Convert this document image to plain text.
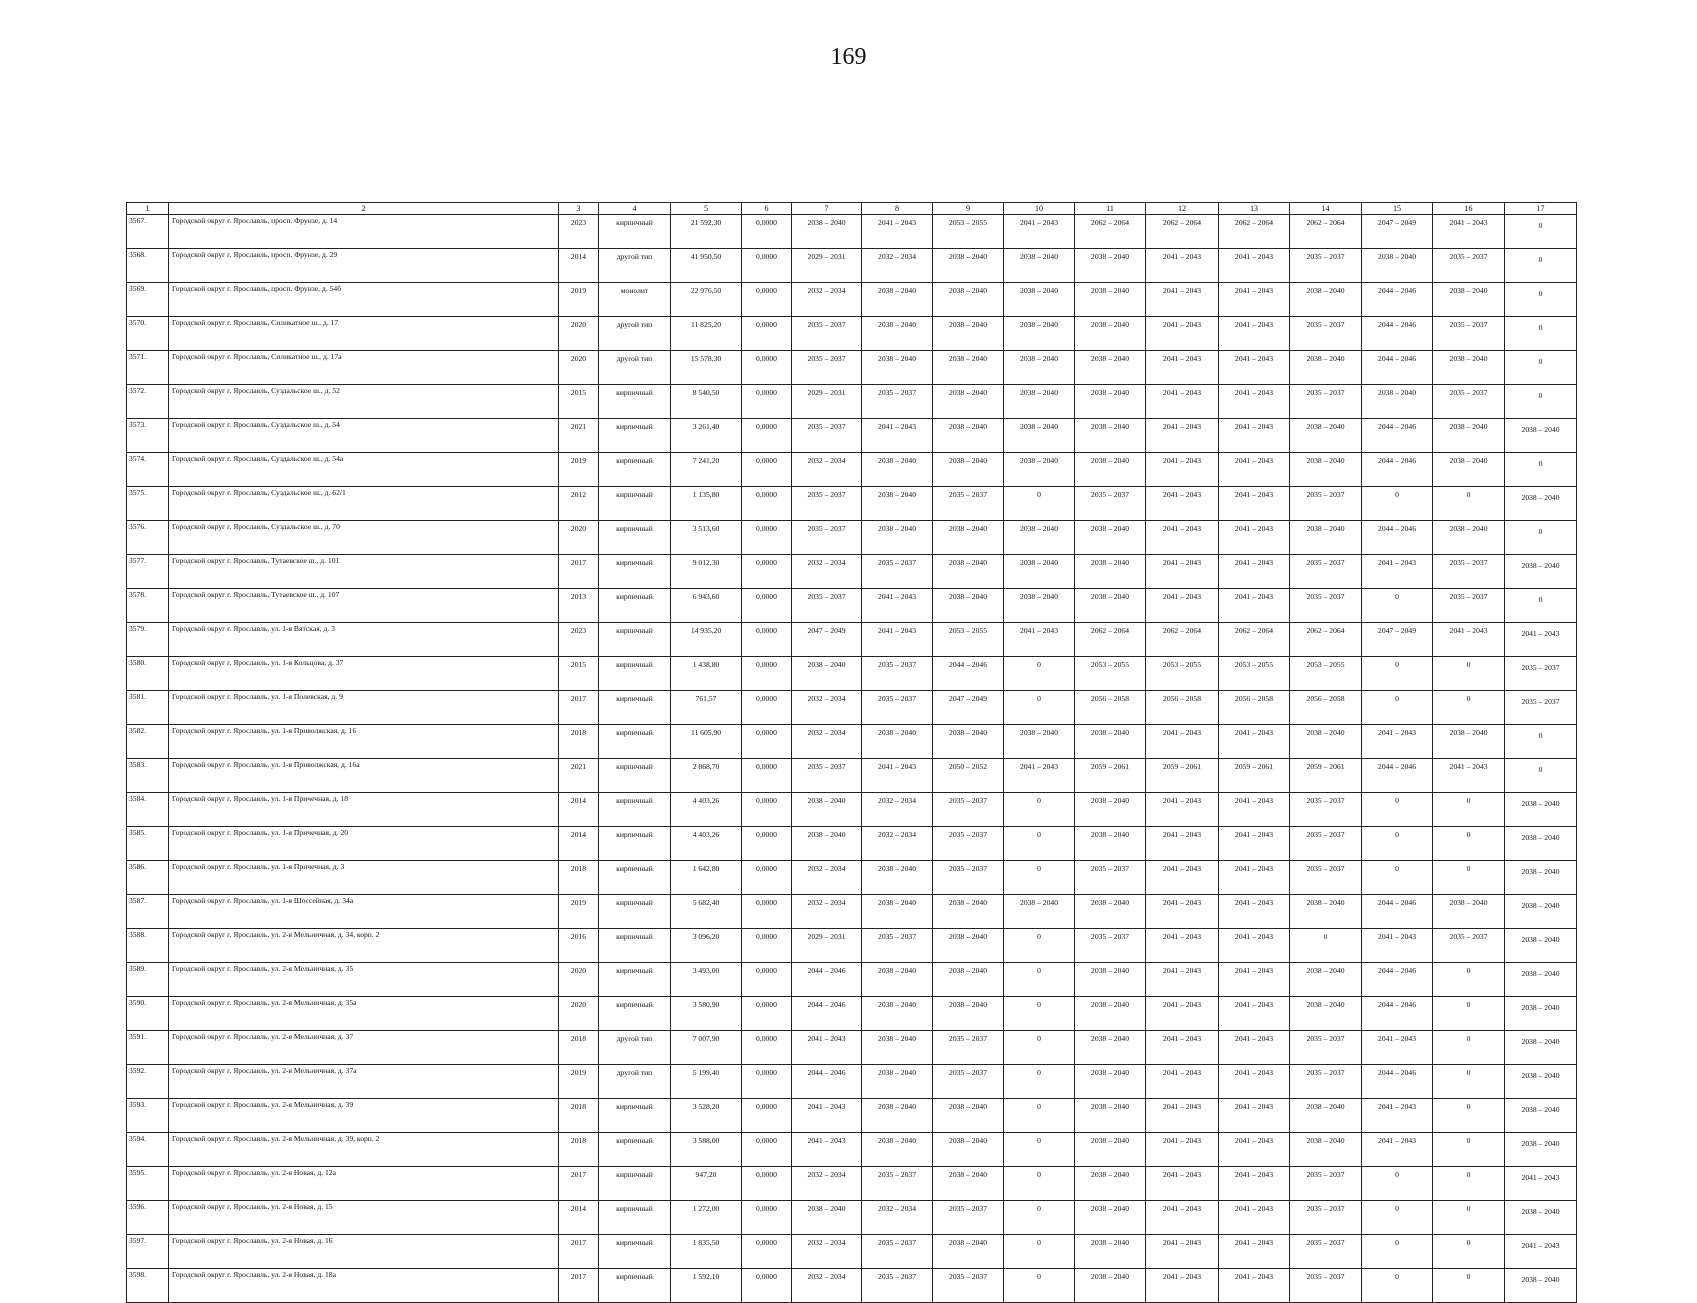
169
1	2	3	4	5	6	7	8	9	10	11	12	13	14	15	16	17
3567.	Городской округ г. Ярославль, просп. Фрунзе, д. 14	2023	кирпичный	21 592,30	0,0000	2038 – 2040	2041 – 2043	2053 – 2055	2041 – 2043	2062 – 2064	2062 – 2064	2062 – 2064	2062 – 2064	2047 – 2049	2041 – 2043	0
3568.	Городской округ г. Ярославль, просп. Фрунзе, д. 29	2014	другой тип	41 950,50	0,0000	2029 – 2031	2032 – 2034	2038 – 2040	2038 – 2040	2038 – 2040	2041 – 2043	2041 – 2043	2035 – 2037	2038 – 2040	2035 – 2037	0
3569.	Городской округ г. Ярославль, просп. Фрунзе, д. 54б	2019	монолит	22 976,50	0,0000	2032 – 2034	2038 – 2040	2038 – 2040	2038 – 2040	2038 – 2040	2041 – 2043	2041 – 2043	2038 – 2040	2044 – 2046	2038 – 2040	0
3570.	Городской округ г. Ярославль, Силикатное ш., д. 17	2020	другой тип	11 825,20	0,0000	2035 – 2037	2038 – 2040	2038 – 2040	2038 – 2040	2038 – 2040	2041 – 2043	2041 – 2043	2035 – 2037	2044 – 2046	2035 – 2037	0
3571.	Городской округ г. Ярославль, Силикатное ш., д. 17а	2020	другой тип	15 578,30	0,0000	2035 – 2037	2038 – 2040	2038 – 2040	2038 – 2040	2038 – 2040	2041 – 2043	2041 – 2043	2038 – 2040	2044 – 2046	2038 – 2040	0
3572.	Городской округ г. Ярославль, Суздальское ш., д. 52	2015	кирпичный	8 540,50	0,0000	2029 – 2031	2035 – 2037	2038 – 2040	2038 – 2040	2038 – 2040	2041 – 2043	2041 – 2043	2035 – 2037	2038 – 2040	2035 – 2037	0
3573.	Городской округ г. Ярославль, Суздальское ш., д. 54	2021	кирпичный	3 261,40	0,0000	2035 – 2037	2041 – 2043	2038 – 2040	2038 – 2040	2038 – 2040	2041 – 2043	2041 – 2043	2038 – 2040	2044 – 2046	2038 – 2040	2038 – 2040
3574.	Городской округ г. Ярославль, Суздальское ш., д. 54а	2019	кирпичный	7 241,20	0,0000	2032 – 2034	2038 – 2040	2038 – 2040	2038 – 2040	2038 – 2040	2041 – 2043	2041 – 2043	2038 – 2040	2044 – 2046	2038 – 2040	0
3575.	Городской округ г. Ярославль, Суздальское ш., д. 62/1	2012	кирпичный	1 135,80	0,0000	2035 – 2037	2038 – 2040	2035 – 2037	0	2035 – 2037	2041 – 2043	2041 – 2043	2035 – 2037	0	0	2038 – 2040
3576.	Городской округ г. Ярославль, Суздальское ш., д. 70	2020	кирпичный	3 513,60	0,0000	2035 – 2037	2038 – 2040	2038 – 2040	2038 – 2040	2038 – 2040	2041 – 2043	2041 – 2043	2038 – 2040	2044 – 2046	2038 – 2040	0
3577.	Городской округ г. Ярославль, Тутаевское ш., д. 101	2017	кирпичный	9 012,30	0,0000	2032 – 2034	2035 – 2037	2038 – 2040	2038 – 2040	2038 – 2040	2041 – 2043	2041 – 2043	2035 – 2037	2041 – 2043	2035 – 2037	2038 – 2040
3578.	Городской округ г. Ярославль, Тутаевское ш., д. 107	2013	кирпичный	6 943,60	0,0000	2035 – 2037	2041 – 2043	2038 – 2040	2038 – 2040	2038 – 2040	2041 – 2043	2041 – 2043	2035 – 2037	0	2035 – 2037	0
3579.	Городской округ г. Ярославль, ул. 1-я Вятская, д. 3	2023	кирпичный	14 935,20	0,0000	2047 – 2049	2041 – 2043	2053 – 2055	2041 – 2043	2062 – 2064	2062 – 2064	2062 – 2064	2062 – 2064	2047 – 2049	2041 – 2043	2041 – 2043
3580.	Городской округ г. Ярославль, ул. 1-я Кольцова, д. 37	2015	кирпичный	1 438,80	0,0000	2038 – 2040	2035 – 2037	2044 – 2046	0	2053 – 2055	2053 – 2055	2053 – 2055	2053 – 2055	0	0	2035 – 2037
3581.	Городской округ г. Ярославль, ул. 1-я Полевская, д. 9	2017	кирпичный	761,57	0,0000	2032 – 2034	2035 – 2037	2047 – 2049	0	2056 – 2058	2056 – 2058	2056 – 2058	2056 – 2058	0	0	2035 – 2037
3582.	Городской округ г. Ярославль, ул. 1-я Приволжская, д. 16	2018	кирпичный	11 605,90	0,0000	2032 – 2034	2038 – 2040	2038 – 2040	2038 – 2040	2038 – 2040	2041 – 2043	2041 – 2043	2038 – 2040	2041 – 2043	2038 – 2040	0
3583.	Городской округ г. Ярославль, ул. 1-я Приволжская, д. 16а	2021	кирпичный	2 868,70	0,0000	2035 – 2037	2041 – 2043	2050 – 2052	2041 – 2043	2059 – 2061	2059 – 2061	2059 – 2061	2059 – 2061	2044 – 2046	2041 – 2043	0
3584.	Городской округ г. Ярославль, ул. 1-я Причечная, д. 18	2014	кирпичный	4 403,26	0,0000	2038 – 2040	2032 – 2034	2035 – 2037	0	2038 – 2040	2041 – 2043	2041 – 2043	2035 – 2037	0	0	2038 – 2040
3585.	Городской округ г. Ярославль, ул. 1-я Причечная, д. 20	2014	кирпичный	4 403,26	0,0000	2038 – 2040	2032 – 2034	2035 – 2037	0	2038 – 2040	2041 – 2043	2041 – 2043	2035 – 2037	0	0	2038 – 2040
3586.	Городской округ г. Ярославль, ул. 1-я Причечная, д. 3	2018	кирпичный	1 642,80	0,0000	2032 – 2034	2038 – 2040	2035 – 2037	0	2035 – 2037	2041 – 2043	2041 – 2043	2035 – 2037	0	0	2038 – 2040
3587.	Городской округ г. Ярославль, ул. 1-я Шоссейная, д. 34а	2019	кирпичный	5 682,40	0,0000	2032 – 2034	2038 – 2040	2038 – 2040	2038 – 2040	2038 – 2040	2041 – 2043	2041 – 2043	2038 – 2040	2044 – 2046	2038 – 2040	2038 – 2040
3588.	Городской округ г. Ярославль, ул. 2-я Мельничная, д. 34, корп. 2	2016	кирпичный	3 096,20	0,0000	2029 – 2031	2035 – 2037	2038 – 2040	0	2035 – 2037	2041 – 2043	2041 – 2043	0	2041 – 2043	2035 – 2037	2038 – 2040
3589.	Городской округ г. Ярославль, ул. 2-я Мельничная, д. 35	2020	кирпичный	3 493,00	0,0000	2044 – 2046	2038 – 2040	2038 – 2040	0	2038 – 2040	2041 – 2043	2041 – 2043	2038 – 2040	2044 – 2046	0	2038 – 2040
3590.	Городской округ г. Ярославль, ул. 2-я Мельничная, д. 35а	2020	кирпичный	3 580,90	0,0000	2044 – 2046	2038 – 2040	2038 – 2040	0	2038 – 2040	2041 – 2043	2041 – 2043	2038 – 2040	2044 – 2046	0	2038 – 2040
3591.	Городской округ г. Ярославль, ул. 2-я Мельничная, д. 37	2018	другой тип	7 007,90	0,0000	2041 – 2043	2038 – 2040	2035 – 2037	0	2038 – 2040	2041 – 2043	2041 – 2043	2035 – 2037	2041 – 2043	0	2038 – 2040
3592.	Городской округ г. Ярославль, ул. 2-я Мельничная, д. 37а	2019	другой тип	5 199,40	0,0000	2044 – 2046	2038 – 2040	2035 – 2037	0	2038 – 2040	2041 – 2043	2041 – 2043	2035 – 2037	2044 – 2046	0	2038 – 2040
3593.	Городской округ г. Ярославль, ул. 2-я Мельничная, д. 39	2018	кирпичный	3 528,20	0,0000	2041 – 2043	2038 – 2040	2038 – 2040	0	2038 – 2040	2041 – 2043	2041 – 2043	2038 – 2040	2041 – 2043	0	2038 – 2040
3594.	Городской округ г. Ярославль, ул. 2-я Мельничная, д. 39, корп. 2	2018	кирпичный	3 588,00	0,0000	2041 – 2043	2038 – 2040	2038 – 2040	0	2038 – 2040	2041 – 2043	2041 – 2043	2038 – 2040	2041 – 2043	0	2038 – 2040
3595.	Городской округ г. Ярославль, ул. 2-я Новая, д. 12а	2017	кирпичный	947,20	0,0000	2032 – 2034	2035 – 2037	2038 – 2040	0	2038 – 2040	2041 – 2043	2041 – 2043	2035 – 2037	0	0	2041 – 2043
3596.	Городской округ г. Ярославль, ул. 2-я Новая, д. 15	2014	кирпичный	1 272,00	0,0000	2038 – 2040	2032 – 2034	2035 – 2037	0	2038 – 2040	2041 – 2043	2041 – 2043	2035 – 2037	0	0	2038 – 2040
3597.	Городской округ г. Ярославль, ул. 2-я Новая, д. 16	2017	кирпичный	1 835,50	0,0000	2032 – 2034	2035 – 2037	2038 – 2040	0	2038 – 2040	2041 – 2043	2041 – 2043	2035 – 2037	0	0	2041 – 2043
3598.	Городской округ г. Ярославль, ул. 2-я Новая, д. 18а	2017	кирпичный	1 592,10	0,0000	2032 – 2034	2035 – 2037	2035 – 2037	0	2038 – 2040	2041 – 2043	2041 – 2043	2035 – 2037	0	0	2038 – 2040
